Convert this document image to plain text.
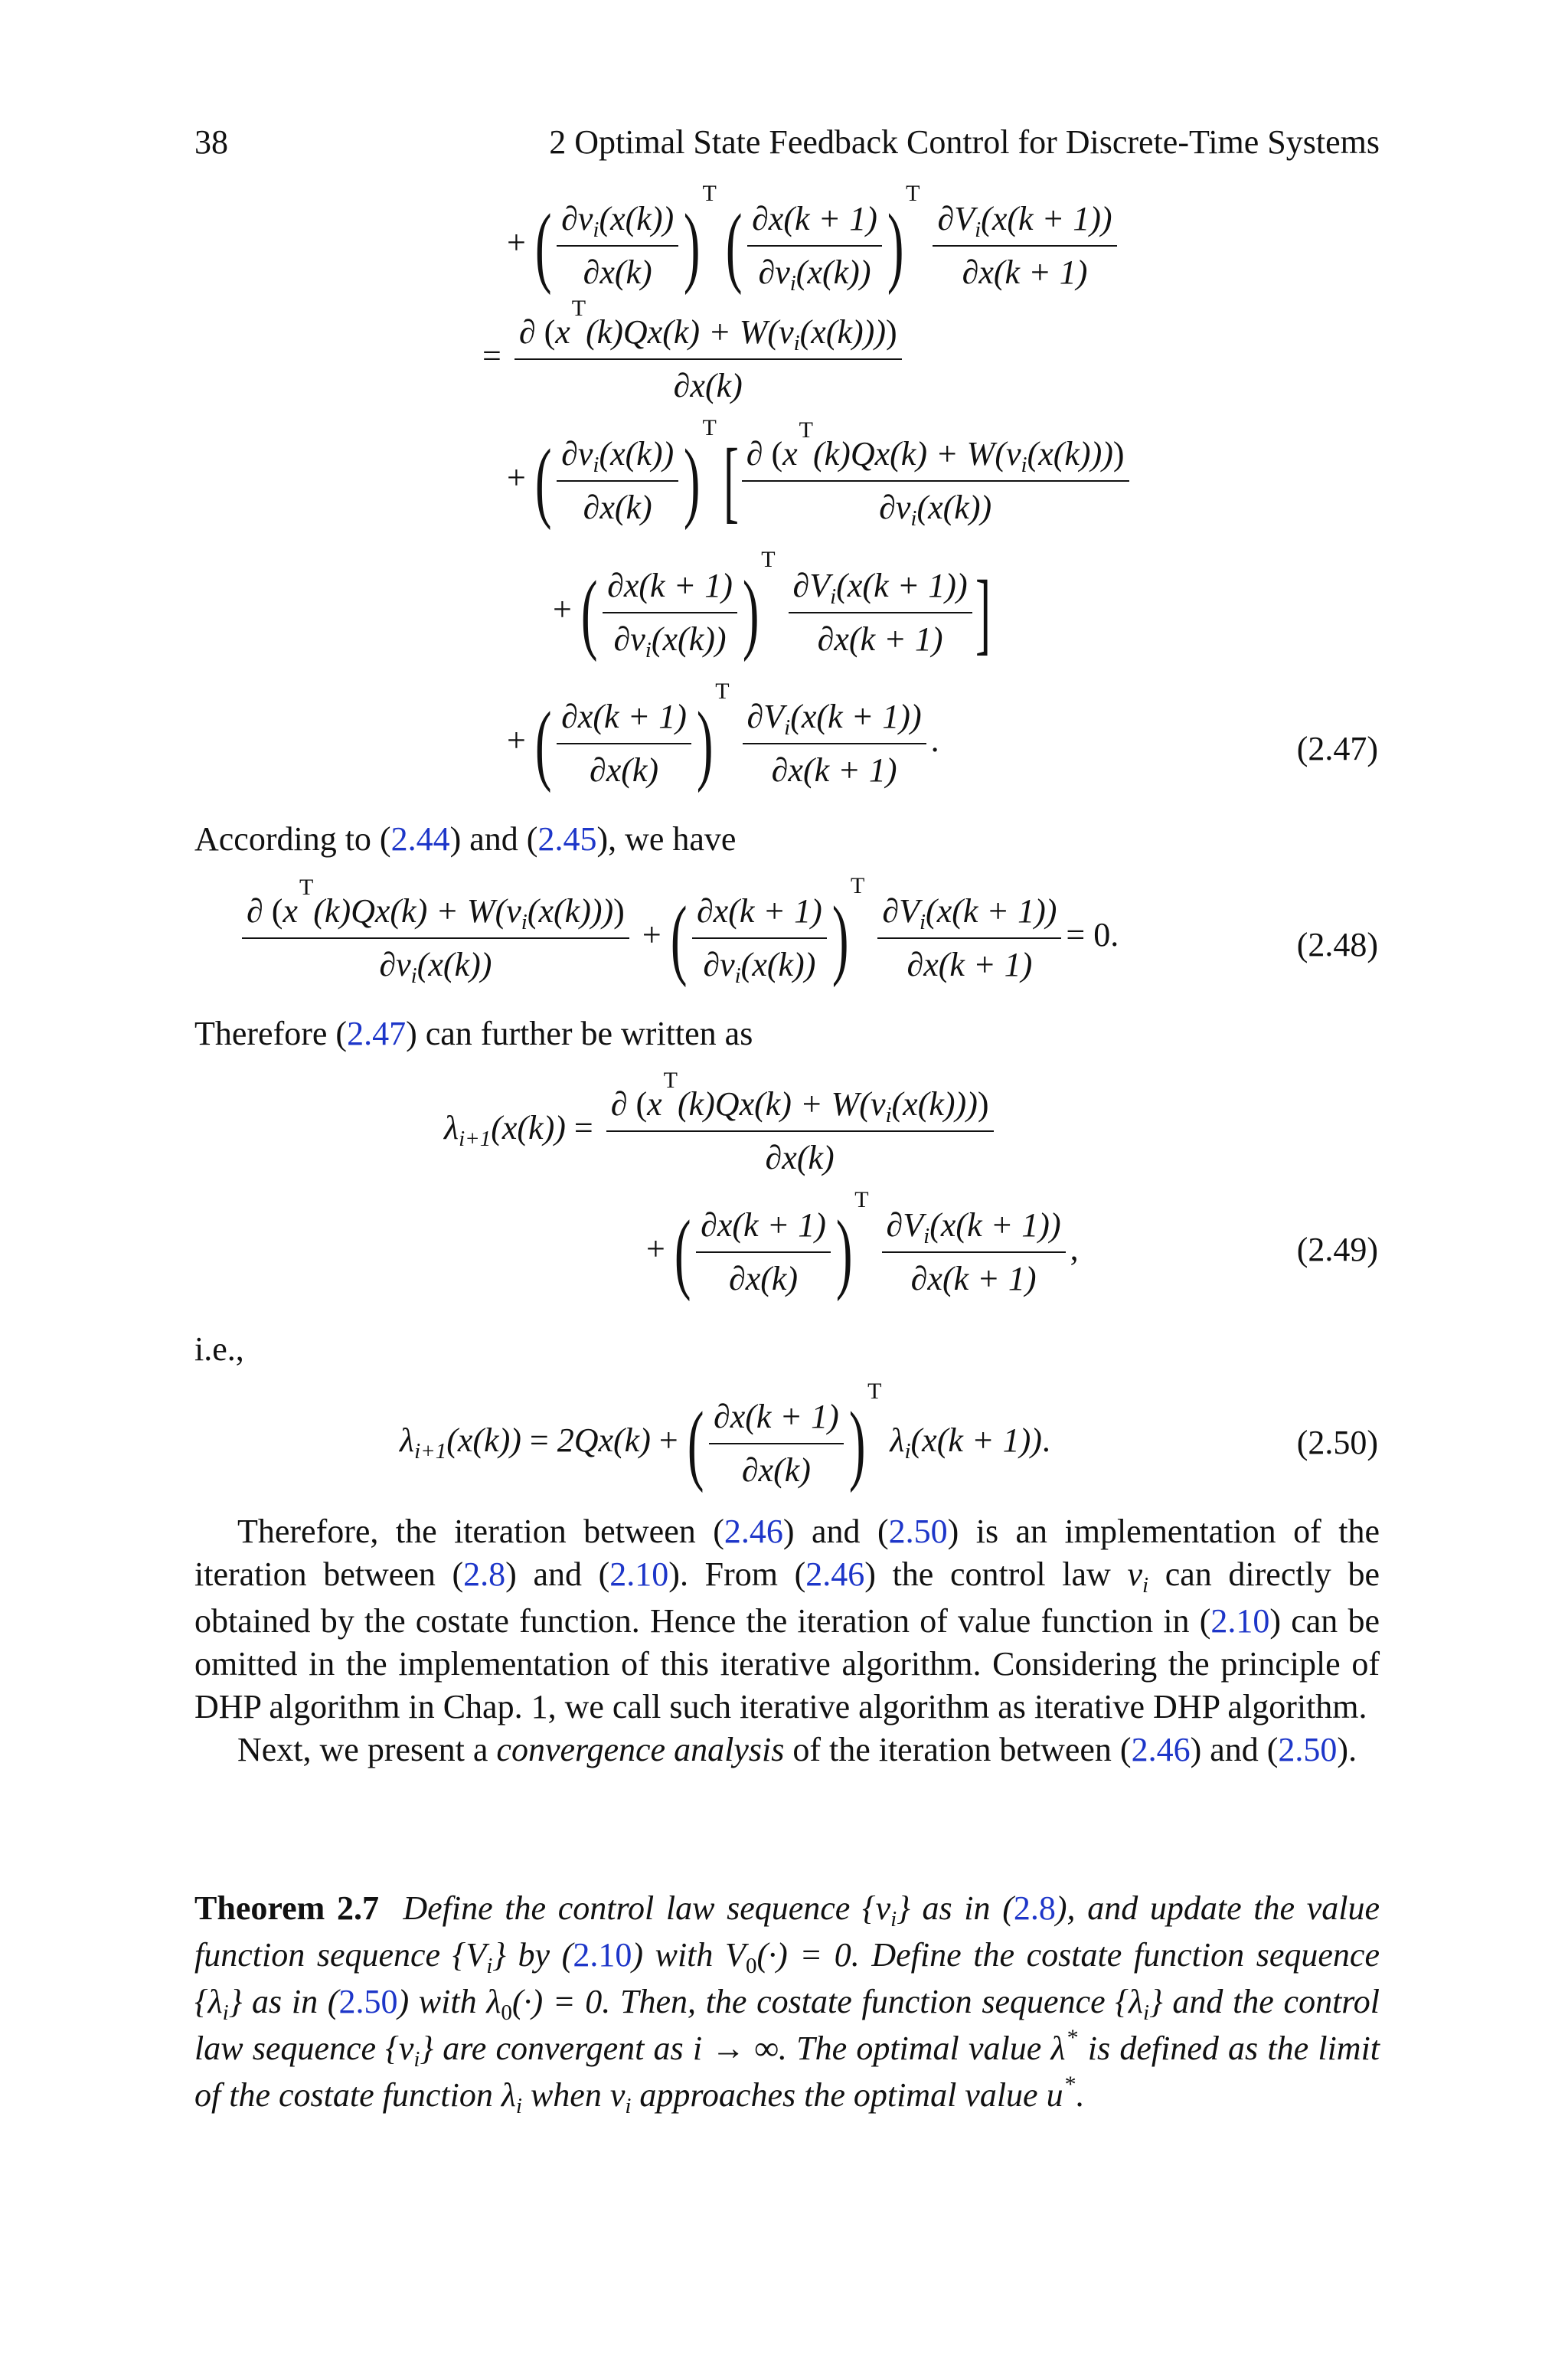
38	2 Optimal State Feedback Control for Discrete-Time Systems
+ ( $\frac{\partial v_i(x(k))}{\partial x(k)} )^T$ ( $\frac{\partial x(k + 1)}{\partial v_i(x(k))} )^T$
$\frac{\partial V_i(x(k + 1))}{\partial x(k + 1)}$
= $\frac{\partial (x^T(k)Qx(k) + W(v_i(x(k))))}{\partial x(k)}$
+ ( $\frac{\partial v_i(x(k))}{\partial x(k)} )^T$ [ $\frac{\partial (x^T(k)Qx(k) + W(v_i(x(k))))}{\partial v_i(x(k))}$
+ ( $\frac{\partial x(k + 1)}{\partial v_i(x(k))} )^T$
$\frac{\partial V_i(x(k + 1))}{\partial x(k + 1)}$ ]
+ ( $\frac{\partial x(k + 1)}{\partial x(k)} )^T$
$\frac{\partial V_i(x(k + 1))}{\partial x(k + 1)}$ .	(2.47)
According to (2.44) and (2.45), we have
$\frac{\partial (x^T(k)Qx(k) + W(v_i(x(k))))}{\partial v_i(x(k))}$ + ( $\frac{\partial x(k + 1)}{\partial v_i(x(k))} )^T$
$\frac{\partial V_i(x(k + 1))}{\partial x(k + 1)} = 0$.	(2.48)
Therefore (2.47) can further be written as
$\lambda_{i+1}(x(k)) = \frac{\partial (x^T(k)Qx(k) + W(v_i(x(k))))}{\partial x(k)}$
+ ( $\frac{\partial x(k + 1)}{\partial x(k)} )^T$
$\frac{\partial V_i(x(k + 1))}{\partial x(k + 1)}$ ,	(2.49)
i.e.,
$\lambda_{i+1}(x(k)) = 2Qx(k)$ + ( $\frac{\partial x(k + 1)}{\partial x(k)} )^T$ $\lambda_i(x(k + 1))$.	(2.50)

Therefore, the iteration between (2.46) and (2.50) is an implementation of the iteration between (2.8) and (2.10). From (2.46) the control law $v_i$ can directly be obtained by the costate function. Hence the iteration of value function in (2.10) can be omitted in the implementation of this iterative algorithm. Considering the principle of DHP algorithm in Chap. 1, we call such iterative algorithm as iterative DHP algorithm.

Next, we present a convergence analysis of the iteration between (2.46) and (2.50).

Theorem 2.7 Define the control law sequence $\{v_i\}$ as in (2.8), and update the value function sequence $\{V_i\}$ by (2.10) with $V_0(\cdot) = 0$. Define the costate function sequence $\{\lambda_i\}$ as in (2.50) with $\lambda_0(\cdot) = 0$. Then, the costate function sequence $\{\lambda_i\}$ and the control law sequence $\{v_i\}$ are convergent as i → ∞. The optimal value λ* is defined as the limit of the costate function $\lambda_i$ when $v_i$ approaches the optimal value u*.
